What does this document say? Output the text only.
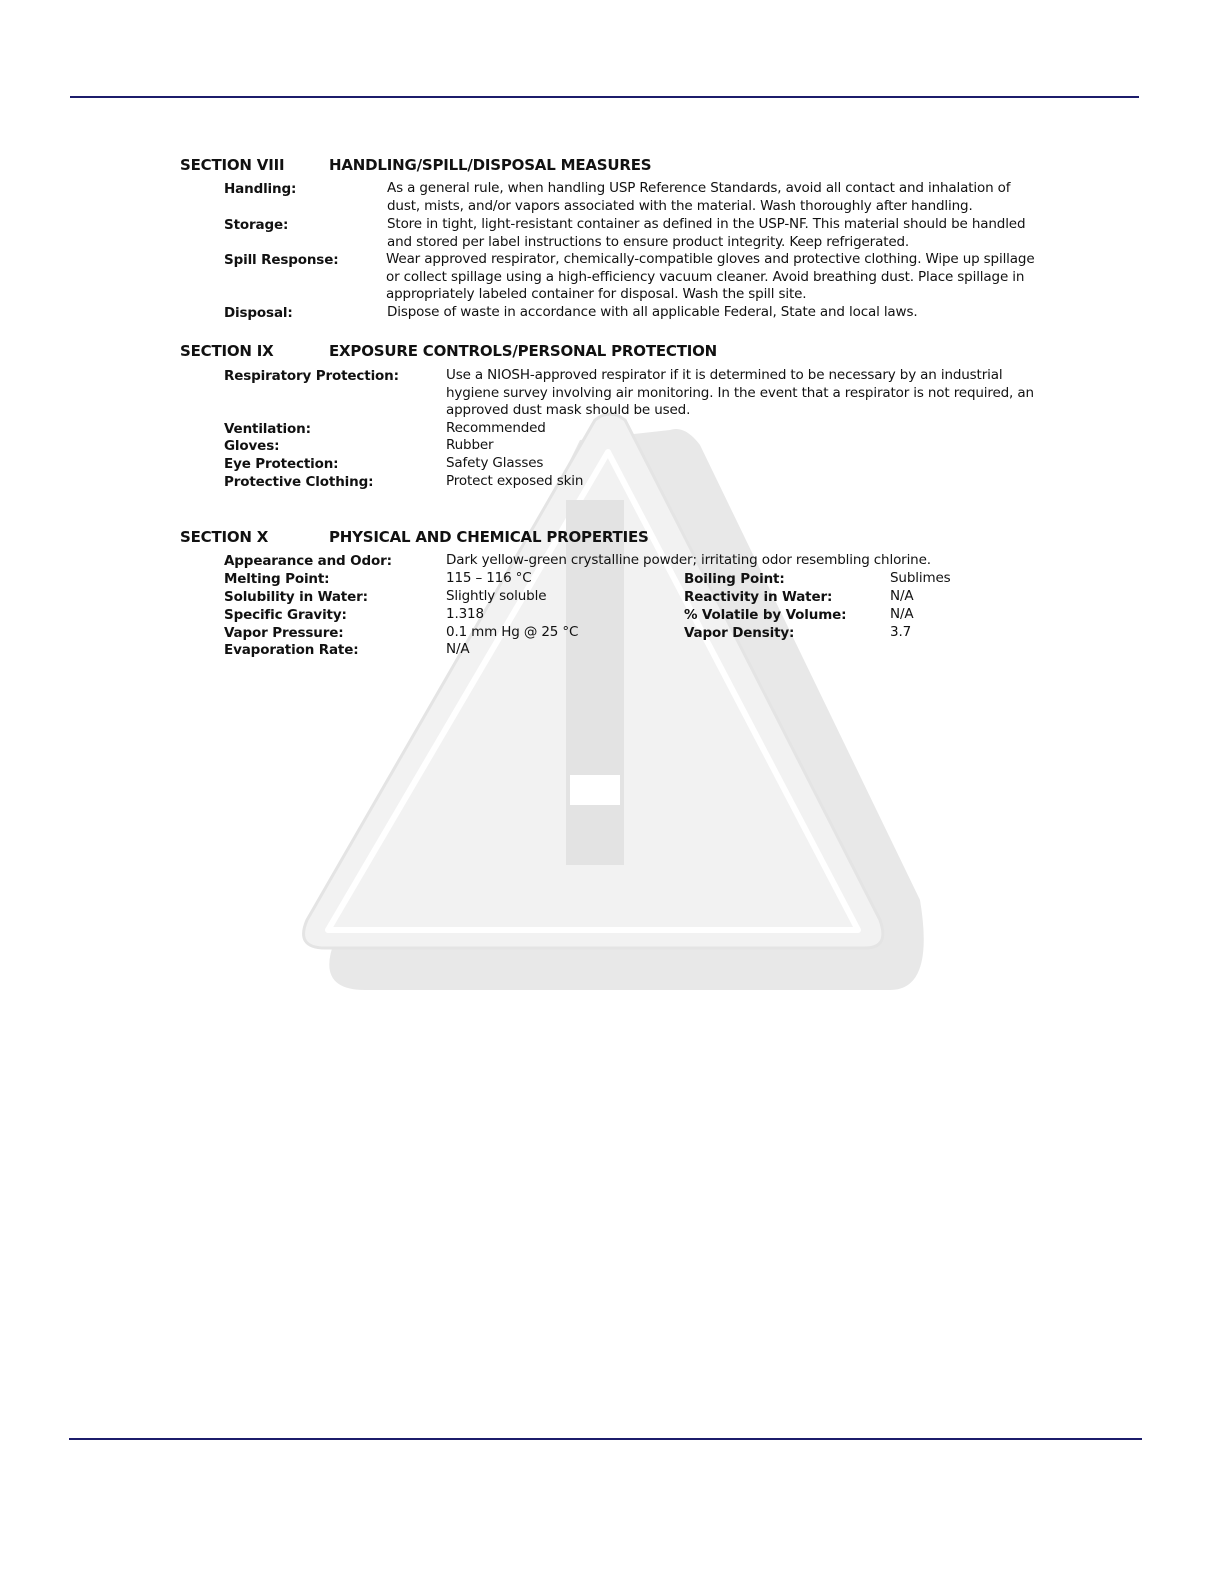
SECTION VIII	HANDLING/SPILL/DISPOSAL MEASURES
Handling:	As a general rule, when handling USP Reference Standards, avoid all contact and inhalation of dust, mists, and/or vapors associated with the material. Wash thoroughly after handling.
Storage:	Store in tight, light-resistant container as defined in the USP-NF. This material should be handled and stored per label instructions to ensure product integrity. Keep refrigerated.
Spill Response:	Wear approved respirator, chemically-compatible gloves and protective clothing. Wipe up spillage or collect spillage using a high-efficiency vacuum cleaner. Avoid breathing dust. Place spillage in appropriately labeled container for disposal. Wash the spill site.
Disposal:	Dispose of waste in accordance with all applicable Federal, State and local laws.
SECTION IX	EXPOSURE CONTROLS/PERSONAL PROTECTION
Respiratory Protection:	Use a NIOSH-approved respirator if it is determined to be necessary by an industrial hygiene survey involving air monitoring. In the event that a respirator is not required, an approved dust mask should be used.
Ventilation:	Recommended
Gloves:	Rubber
Eye Protection:	Safety Glasses
Protective Clothing:	Protect exposed skin
SECTION X	PHYSICAL AND CHEMICAL PROPERTIES
Appearance and Odor:	Dark yellow-green crystalline powder; irritating odor resembling chlorine.
Melting Point:	115 – 116 °C	Boiling Point:	Sublimes
Solubility in Water:	Slightly soluble	Reactivity in Water:	N/A
Specific Gravity:	1.318	% Volatile by Volume:	N/A
Vapor Pressure:	0.1 mm Hg @ 25 °C	Vapor Density:	3.7
Evaporation Rate:	N/A
